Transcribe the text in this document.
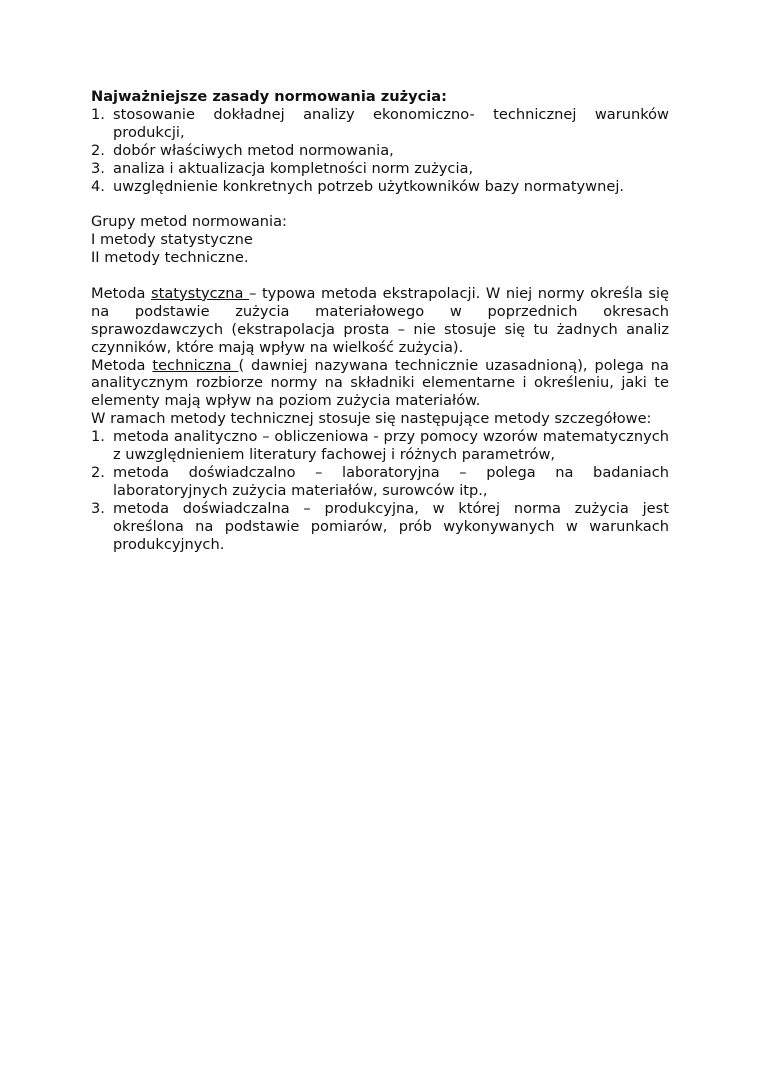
Najważniejsze zasady normowania zużycia:

1. stosowanie dokładnej analizy ekonomiczno- technicznej warunków produkcji,
2. dobór właściwych metod normowania,
3. analiza i aktualizacja kompletności norm zużycia,
4. uwzględnienie konkretnych potrzeb użytkowników bazy normatywnej.

Grupy metod normowania:

I metody statystyczne

II metody techniczne.

Metoda statystyczna – typowa metoda ekstrapolacji. W niej normy określa się na podstawie zużycia materiałowego w poprzednich okresach sprawozdawczych (ekstrapolacja prosta – nie stosuje się tu żadnych analiz czynników, które mają wpływ na wielkość zużycia).

Metoda techniczna ( dawniej nazywana technicznie uzasadnioną), polega na analitycznym rozbiorze normy na składniki elementarne i określeniu, jaki te elementy mają wpływ na poziom zużycia materiałów.

W ramach metody technicznej stosuje się następujące metody szczegółowe:

1. metoda analityczno – obliczeniowa - przy pomocy wzorów matematycznych z uwzględnieniem literatury fachowej i różnych parametrów,
2. metoda doświadczalno – laboratoryjna – polega na badaniach laboratoryjnych zużycia materiałów, surowców itp.,
3. metoda doświadczalna – produkcyjna, w której norma zużycia jest określona na podstawie pomiarów, prób wykonywanych w warunkach produkcyjnych.
